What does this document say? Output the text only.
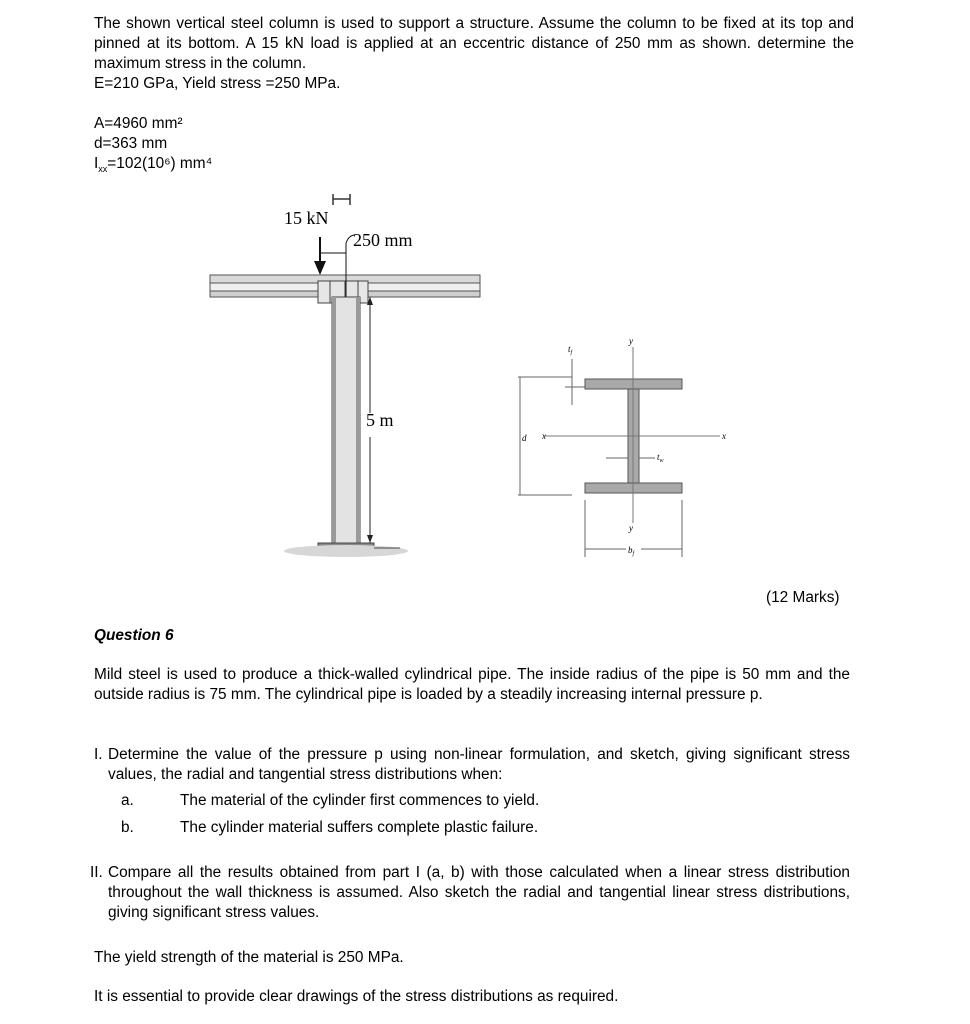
The shown vertical steel column is used to support a structure. Assume the column to be fixed at its top and pinned at its bottom. A 15 kN load is applied at an eccentric distance of 250 mm as shown. determine the maximum stress in the column.
E=210 GPa, Yield stress =250 MPa.
A=4960 mm²
d=363 mm
$I_{xx}=102(10^6)$ mm⁴
15 kN
250 mm
5 m
d
$t_f$
x	x
y
y
$t_w$
$b_f$
(12 Marks)
Question 6
Mild steel is used to produce a thick-walled cylindrical pipe. The inside radius of the pipe is 50 mm and the outside radius is 75 mm. The cylindrical pipe is loaded by a steadily increasing internal pressure p.
I. Determine the value of the pressure p using non-linear formulation, and sketch, giving significant stress values, the radial and tangential stress distributions when:
a.	The material of the cylinder first commences to yield.
b.	The cylinder material suffers complete plastic failure.
II. Compare all the results obtained from part I (a, b) with those calculated when a linear stress distribution throughout the wall thickness is assumed. Also sketch the radial and tangential linear stress distributions, giving significant stress values.
The yield strength of the material is 250 MPa.
It is essential to provide clear drawings of the stress distributions as required.
